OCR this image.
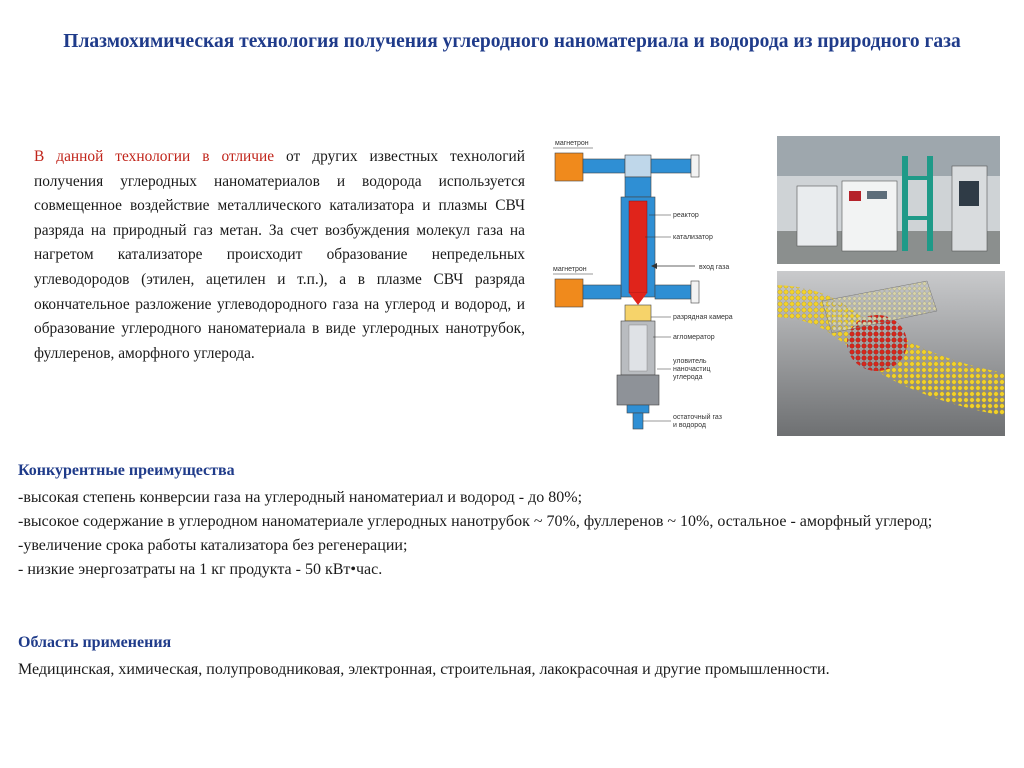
Плазмохимическая технология получения углеродного наноматериала и водорода из природного газа
В данной технологии в отличие от других известных технологий получения углеродных наноматериалов и водорода используется совмещенное воздействие металлического катализатора и плазмы СВЧ разряда на природный газ метан. За счет возбуждения молекул газа на нагретом катализаторе происходит образование непредельных углеводородов (этилен, ацетилен и т.п.), а в плазме СВЧ разряда окончательное разложение углеводородного газа на углерод и водород, и образование углеродного наноматериала в виде углеродных нанотрубок, фуллеренов, аморфного углерода.
магнетрон
магнетрон
реактор
катализатор
вход газа
разрядная камера
агломератор
уловитель
наночастиц
углерода
остаточный газ
и водород
Конкурентные преимущества
-высокая степень конверсии газа на углеродный наноматериал и водород - до 80%;
-высокое содержание в углеродном наноматериале углеродных нанотрубок ~ 70%, фуллеренов ~ 10%, остальное - аморфный углерод;
-увеличение срока работы катализатора без регенерации;
- низкие энергозатраты на 1 кг продукта - 50 кВт•час.
Область применения
Медицинская, химическая, полупроводниковая, электронная, строительная, лакокрасочная и другие промышленности.
